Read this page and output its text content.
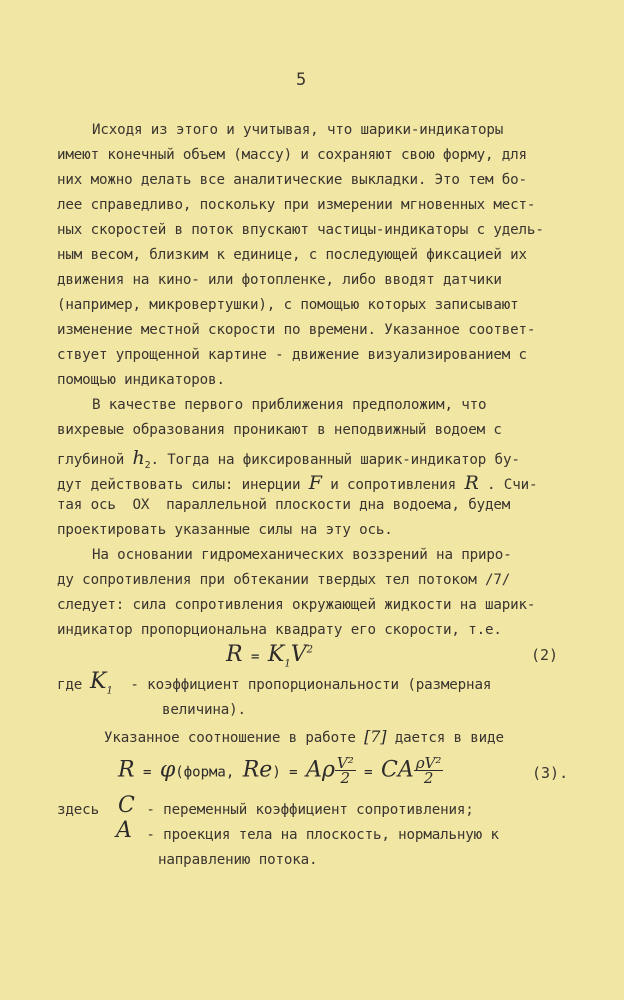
5
Исходя из этого и учитывая, что шарики-индикаторы
имеют конечный объем (массу) и сохраняют свою форму, для
них можно делать все аналитические выкладки. Это тем бо-
лее справедливо, поскольку при измерении мгновенных мест-
ных скоростей в поток впускают частицы-индикаторы с удель-
ным весом, близким к единице, с последующей фиксацией их
движения на кино- или фотопленке, либо вводят датчики
(например, микровертушки), с помощью которых записывают
изменение местной скорости по времени. Указанное соответ-
ствует упрощенной картине - движение визуализированием с
помощью индикаторов.
В качестве первого приближения предположим, что
вихревые образования проникают в неподвижный водоем с
глубиной $h_2$. Тогда на фиксированный шарик-индикатор бу-
дут действовать силы: инерции F и сопротивления R . Счи-
тая ось  OX  параллельной плоскости дна водоема, будем
проектировать указанные силы на эту ось.
На основании гидромеханических воззрений на приро-
ду сопротивления при обтекании твердых тел потоком /7/
следует: сила сопротивления окружающей жидкости на шарик-
индикатор пропорциональна квадрату его скорости, т.е.
$R = K_1V^2$	(2)
где $K_1$ - коэффициент пропорциональности (размерная
величина).
Указанное соотношение в работе [7] дается в виде
R = 𝜑(форма, Re) = Aρ $\frac{\text{V²}}{2}$ = CA $\frac{\text{ρV²}}{2}$	(3).
здесь C - переменный коэффициент сопротивления;
A - проекция тела на плоскость, нормальную к
направлению потока.
